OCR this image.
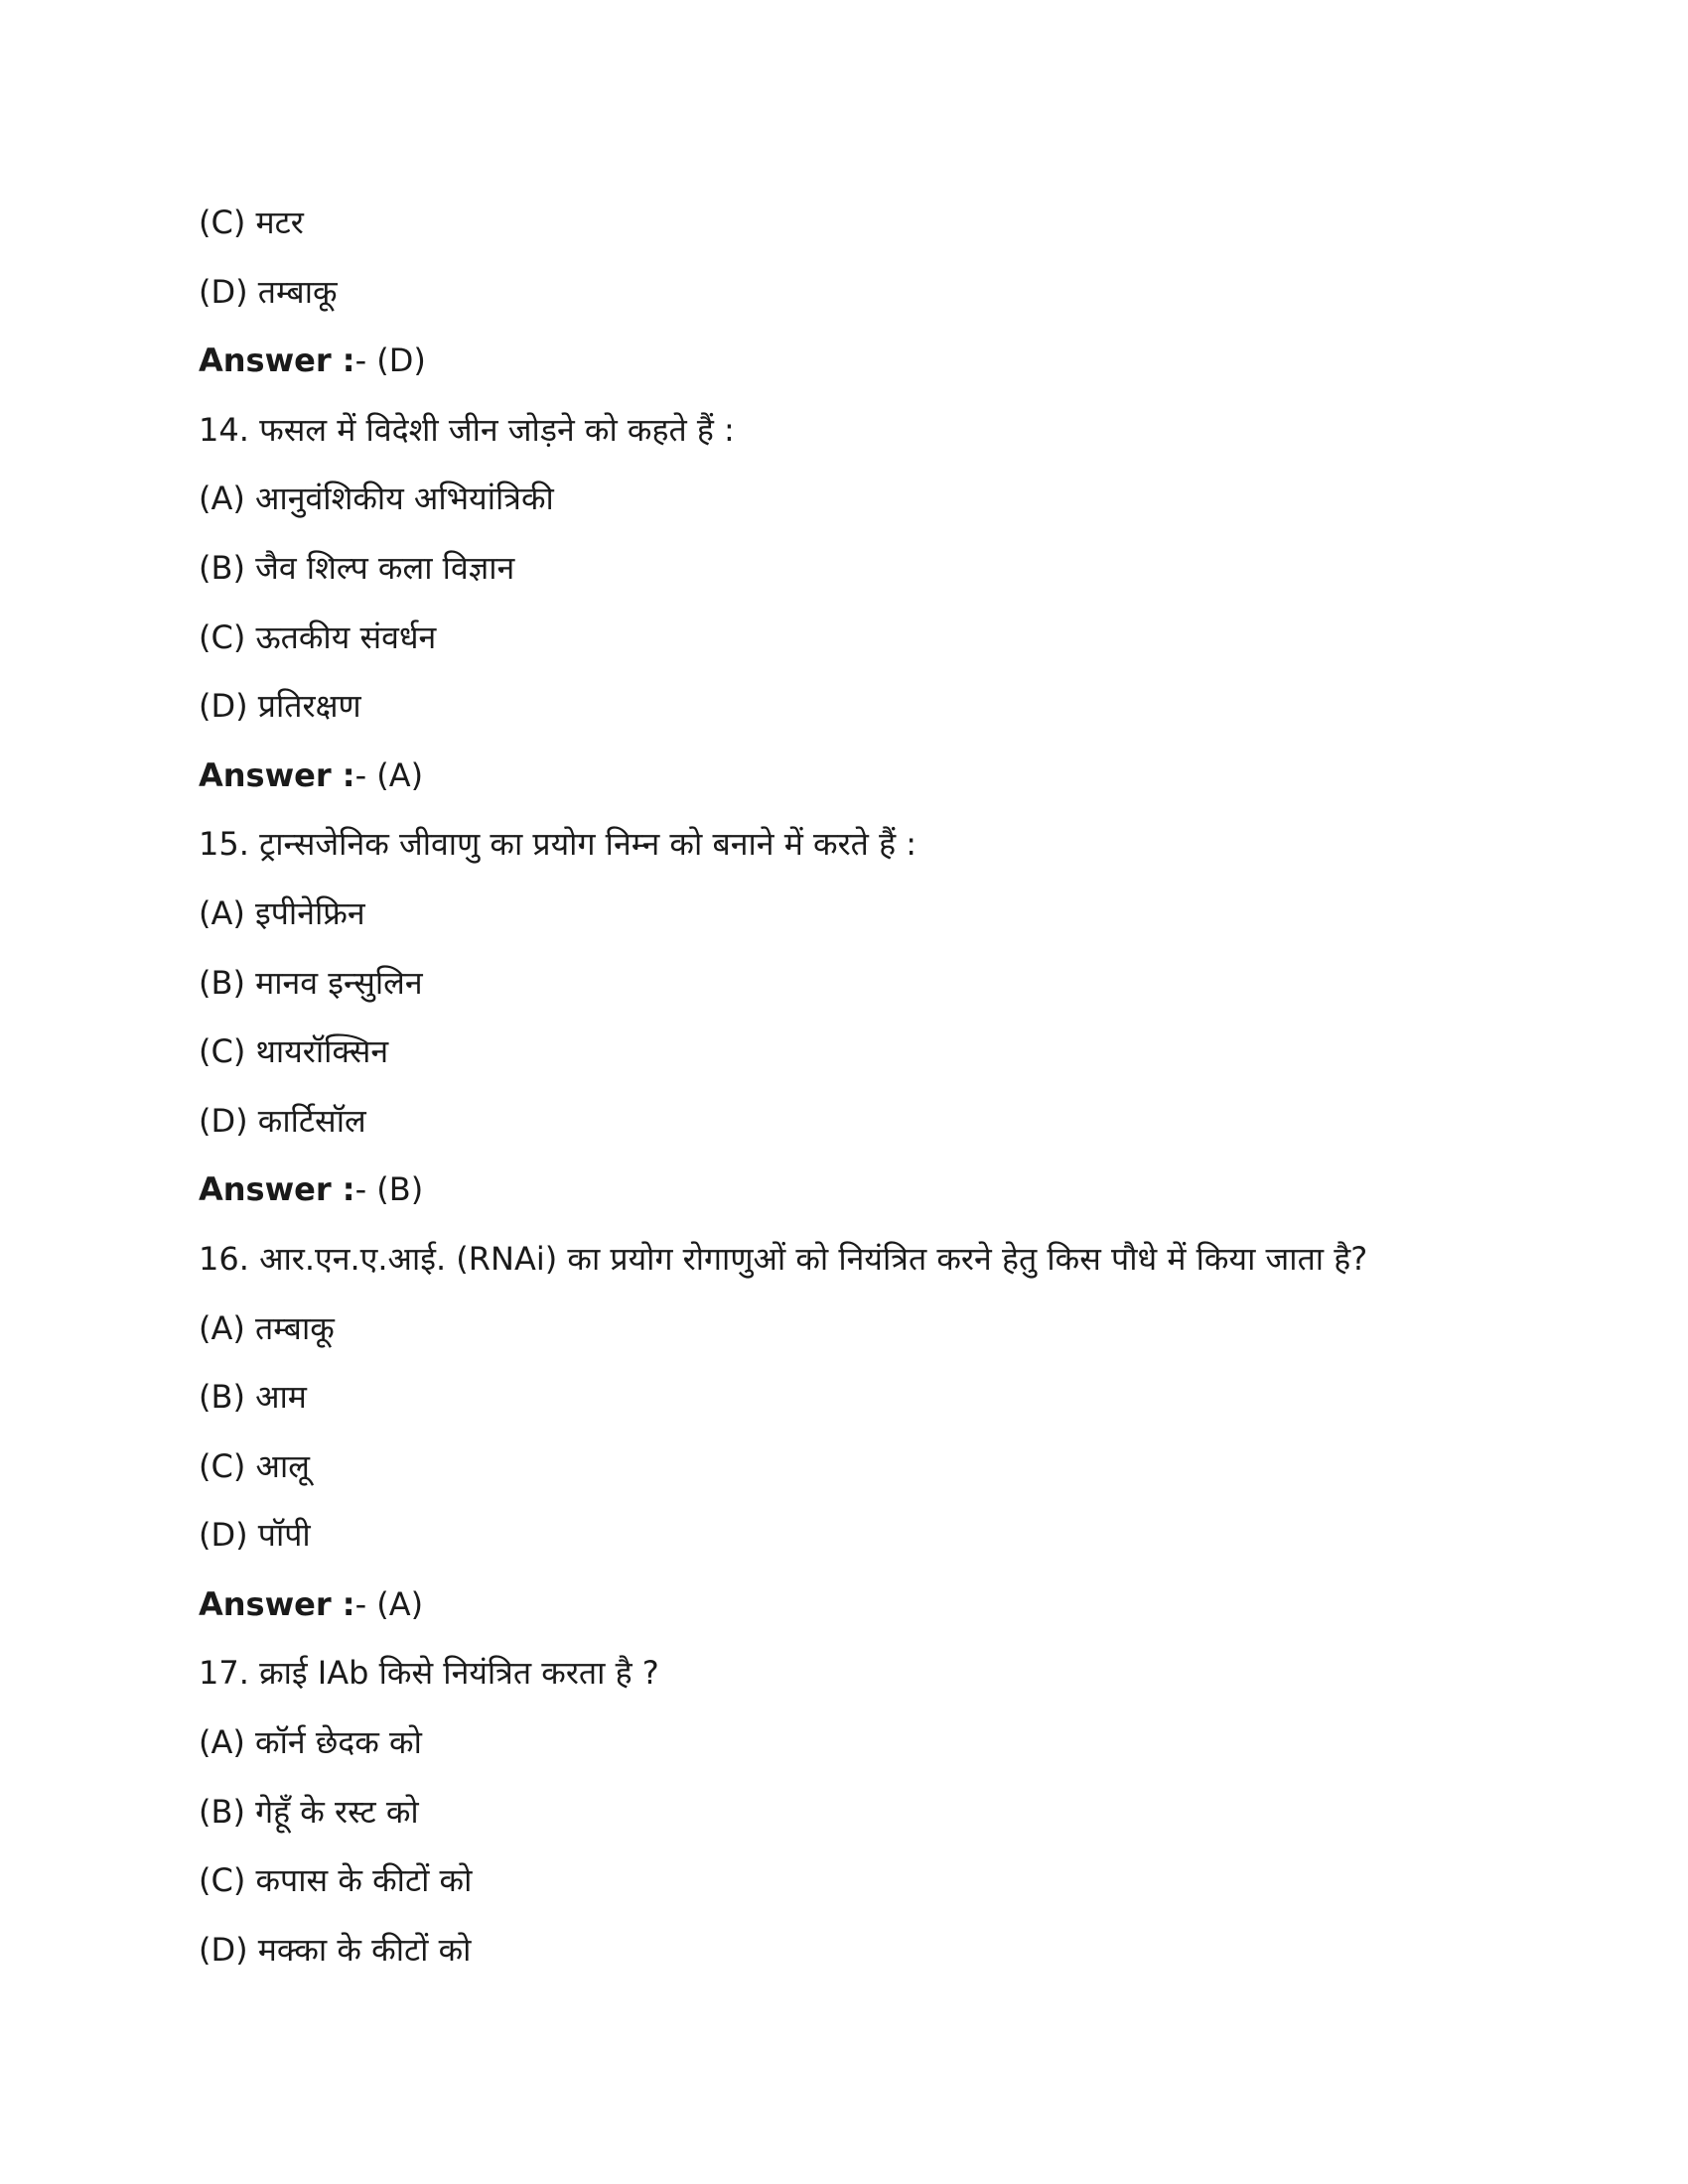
(C) मटर
(D) तम्बाकू
Answer :- (D)
14. फसल में विदेशी जीन जोड़ने को कहते हैं :
(A) आनुवंशिकीय अभियांत्रिकी
(B) जैव शिल्प कला विज्ञान
(C) ऊतकीय संवर्धन
(D) प्रतिरक्षण
Answer :- (A)
15. ट्रान्सजेनिक जीवाणु का प्रयोग निम्न को बनाने में करते हैं :
(A) इपीनेफ्रिन
(B) मानव इन्सुलिन
(C) थायरॉक्सिन
(D) कार्टिसॉल
Answer :- (B)
16. आर.एन.ए.आई. (RNAi) का प्रयोग रोगाणुओं को नियंत्रित करने हेतु किस पौधे में किया जाता है?
(A) तम्बाकू
(B) आम
(C) आलू
(D) पॉपी
Answer :- (A)
17. क्राई IAb किसे नियंत्रित करता है ?
(A) कॉर्न छेदक को
(B) गेहूँ के रस्ट को
(C) कपास के कीटों को
(D) मक्का के कीटों को
